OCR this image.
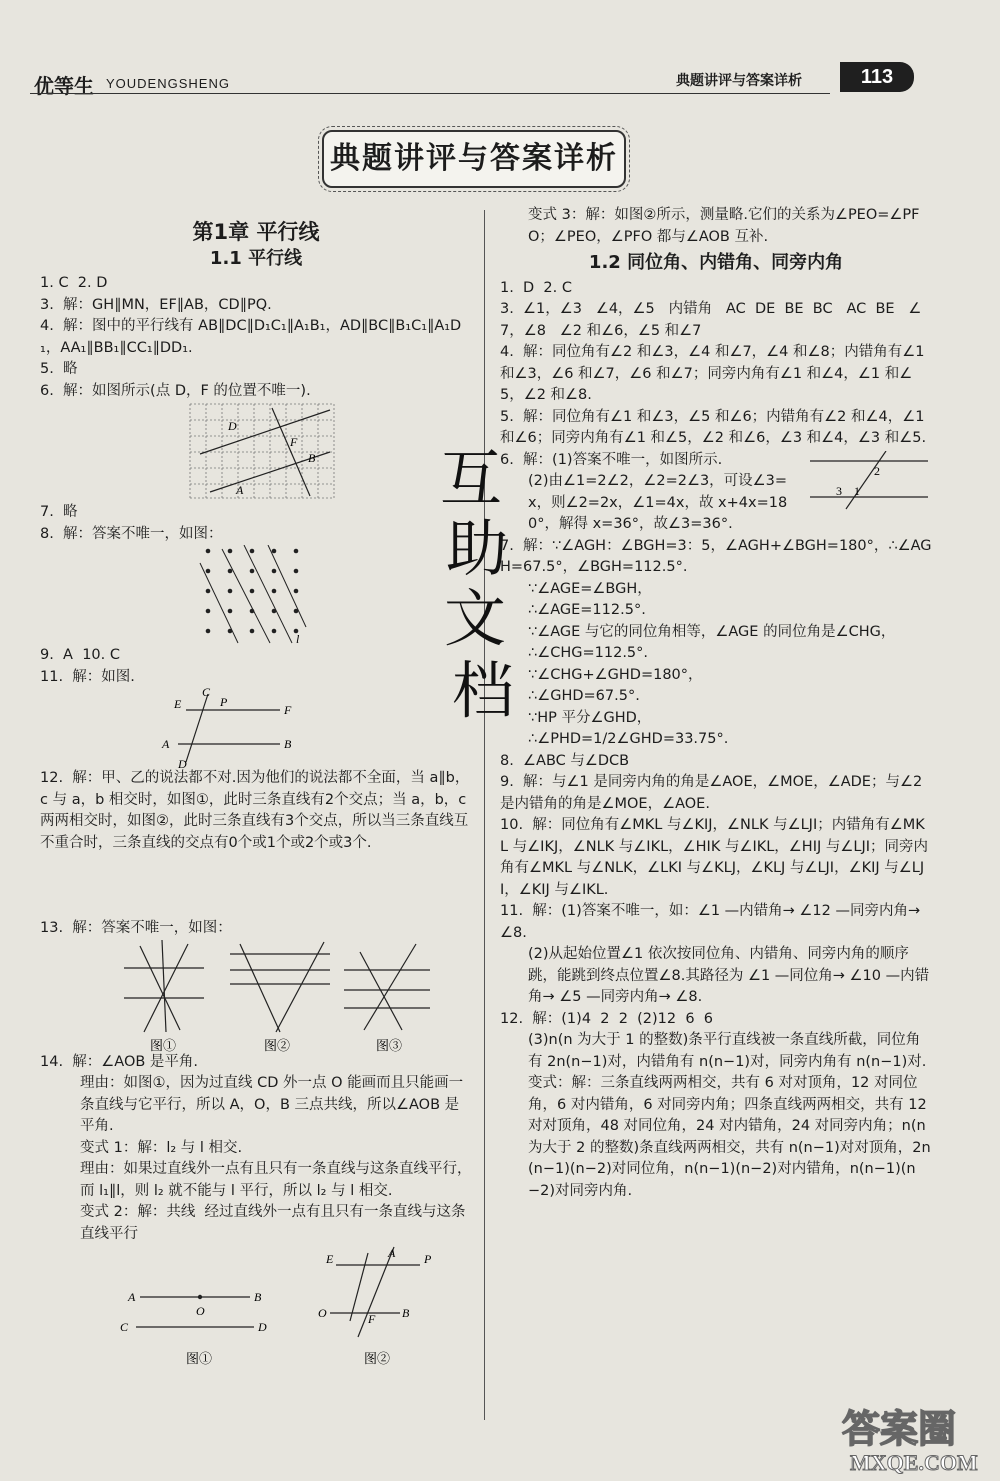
优等生 YOUDENGSHENG	典题讲评与答案详析	113
典题讲评与答案详析
第1章 平行线
1.1 平行线
1. C  2. D
3.  解：GH∥MN，EF∥AB，CD∥PQ.
4.  解：图中的平行线有 AB∥DC∥D₁C₁∥A₁B₁，AD∥BC∥B₁C₁∥A₁D₁，AA₁∥BB₁∥CC₁∥DD₁.
5.  略
6.  解：如图所示(点 D，F 的位置不唯一).
D
F
B
A
7.  略
8.  解：答案不唯一，如图：
l
9.  A  10. C
11.  解：如图.
C
E	P
F
A	B
D
12.  解：甲、乙的说法都不对.因为他们的说法都不全面，当 a∥b，c 与 a，b 相交时，如图①，此时三条直线有2个交点；当 a，b，c 两两相交时，如图②，此时三条直线有3个交点，所以当三条直线互不重合时，三条直线的交点有0个或1个或2个或3个.
13.  解：答案不唯一，如图：
图①	图②	图③
14.  解：∠AOB 是平角.
理由：如图①，因为过直线 CD 外一点 O 能画而且只能画一条直线与它平行，所以 A，O，B 三点共线，所以∠AOB 是平角.
变式 1：解：l₂ 与 l 相交.
理由：如果过直线外一点有且只有一条直线与这条直线平行，而 l₁∥l，则 l₂ 就不能与 l 平行，所以 l₂ 与 l 相交.
变式 2：解：共线  经过直线外一点有且只有一条直线与这条直线平行
A
O
B
C	D
E	A P
O	F B
图①	图②
变式 3：解：如图②所示，测量略.它们的关系为∠PEO=∠PFO；∠PEO，∠PFO 都与∠AOB 互补.
1.2 同位角、内错角、同旁内角
1.  D  2. C
3.  ∠1，∠3   ∠4，∠5   内错角   AC  DE  BE  BC   AC  BE   ∠7，∠8   ∠2 和∠6，∠5 和∠7
4.  解：同位角有∠2 和∠3，∠4 和∠7，∠4 和∠8；内错角有∠1 和∠3，∠6 和∠7，∠6 和∠7；同旁内角有∠1 和∠4，∠1 和∠5，∠2 和∠8.
5.  解：同位角有∠1 和∠3，∠5 和∠6；内错角有∠2 和∠4，∠1 和∠6；同旁内角有∠1 和∠5，∠2 和∠6，∠3 和∠4，∠3 和∠5.
6.  解：(1)答案不唯一，如图所示.
(2)由∠1=2∠2，∠2=2∠3，可设∠3=x，则∠2=2x，∠1=4x，故 x+4x=180°，解得 x=36°，故∠3=36°.
2
3 1
7.  解：∵∠AGH：∠BGH=3：5，∠AGH+∠BGH=180°，∴∠AGH=67.5°，∠BGH=112.5°.
∵∠AGE=∠BGH，
∴∠AGE=112.5°.
∵∠AGE 与它的同位角相等，∠AGE 的同位角是∠CHG，
∴∠CHG=112.5°.
∵∠CHG+∠GHD=180°，
∴∠GHD=67.5°.
∵HP 平分∠GHD，
∴∠PHD=1/2∠GHD=33.75°.
8.  ∠ABC 与∠DCB
9.  解：与∠1 是同旁内角的角是∠AOE，∠MOE，∠ADE；与∠2 是内错角的角是∠MOE，∠AOE.
10.  解：同位角有∠MKL 与∠KIJ，∠NLK 与∠LJI；内错角有∠MKL 与∠IKJ，∠NLK 与∠IKL，∠HIK 与∠IKL，∠HIJ 与∠LJI；同旁内角有∠MKL 与∠NLK，∠LKI 与∠KLJ，∠KLJ 与∠LJI，∠KIJ 与∠LJI，∠KIJ 与∠IKL.
11.  解：(1)答案不唯一，如：∠1 —内错角→ ∠12 —同旁内角→ ∠8.
(2)从起始位置∠1 依次按同位角、内错角、同旁内角的顺序跳，能跳到终点位置∠8.其路径为 ∠1 —同位角→ ∠10 —内错角→ ∠5 —同旁内角→ ∠8.
12.  解：(1)4  2  2  (2)12  6  6
(3)n(n 为大于 1 的整数)条平行直线被一条直线所截，同位角有 2n(n−1)对，内错角有 n(n−1)对，同旁内角有 n(n−1)对.
变式：解：三条直线两两相交，共有 6 对对顶角，12 对同位角，6 对内错角，6 对同旁内角；四条直线两两相交，共有 12 对对顶角，48 对同位角，24 对内错角，24 对同旁内角；n(n 为大于 2 的整数)条直线两两相交，共有 n(n−1)对对顶角，2n(n−1)(n−2)对同位角，n(n−1)(n−2)对内错角，n(n−1)(n−2)对同旁内角.
互
助
文
档
答案圈
MXQE.COM
